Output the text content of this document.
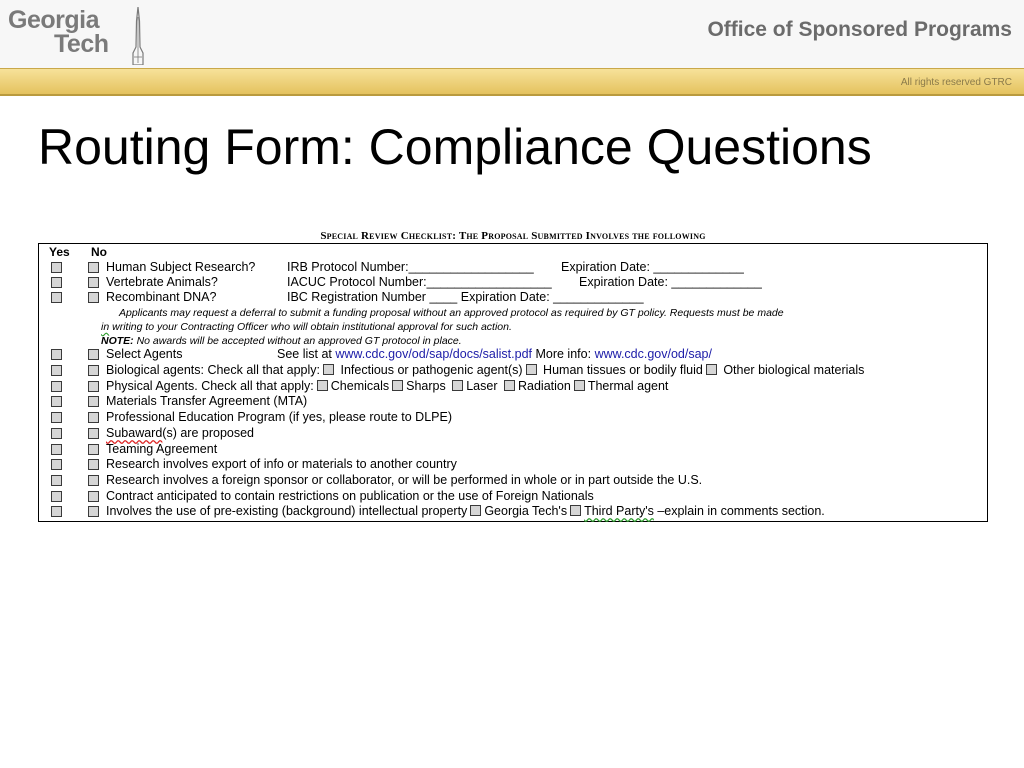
Georgia
Tech
Office of Sponsored Programs
All rights reserved GTRC
Routing Form: Compliance Questions
Special Review Checklist: The Proposal Submitted Involves the following
Yes No
Human Subject Research?	IRB Protocol Number:__________________ Expiration Date: _____________
Vertebrate Animals?	IACUC Protocol Number:__________________ Expiration Date: _____________
Recombinant DNA?	IBC Registration Number ____ Expiration Date: _____________
Applicants may request a deferral to submit a funding proposal without an approved protocol as required by GT policy. Requests must be made
in writing to your Contracting Officer who will obtain institutional approval for such action.
NOTE: No awards will be accepted without an approved GT protocol in place.
Select Agents	See list at www.cdc.gov/od/sap/docs/salist.pdf More info: www.cdc.gov/od/sap/
Biological agents: Check all that apply: Infectious or pathogenic agent(s) Human tissues or bodily fluid Other biological materials
Physical Agents. Check all that apply: Chemicals Sharps Laser Radiation Thermal agent
Materials Transfer Agreement (MTA)
Professional Education Program (if yes, please route to DLPE)
Subaward(s) are proposed
Teaming Agreement
Research involves export of info or materials to another country
Research involves a foreign sponsor or collaborator, or will be performed in whole or in part outside the U.S.
Contract anticipated to contain restrictions on publication or the use of Foreign Nationals
Involves the use of pre-existing (background) intellectual property Georgia Tech's Third Party's –explain in comments section.
